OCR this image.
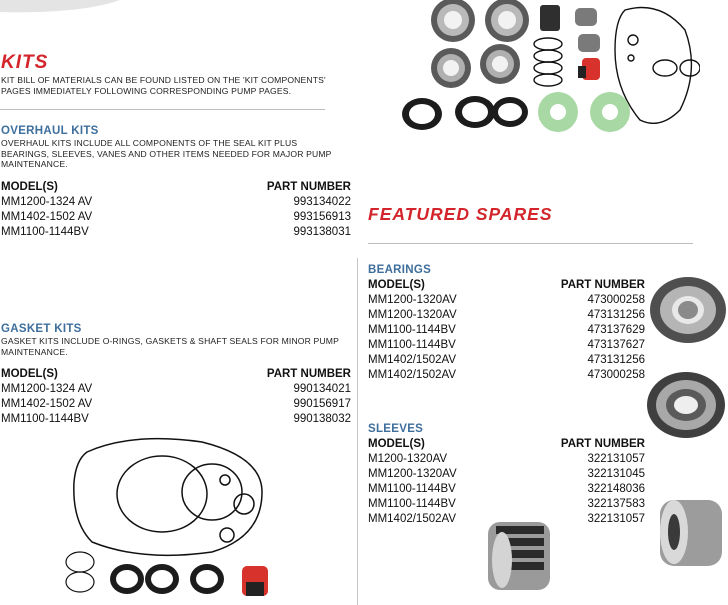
KITS
KIT BILL OF MATERIALS CAN BE FOUND LISTED ON THE 'KIT COMPONENTS' PAGES IMMEDIATELY FOLLOWING CORRESPONDING PUMP PAGES.
OVERHAUL KITS
OVERHAUL KITS INCLUDE ALL COMPONENTS OF THE SEAL KIT PLUS BEARINGS, SLEEVES, VANES AND OTHER ITEMS NEEDED FOR MAJOR PUMP MAINTENANCE.
MODEL(S)	PART NUMBER
MM1200-1324 AV	993134022
MM1402-1502 AV	993156913
MM1100-1144BV	993138031
GASKET KITS
GASKET KITS INCLUDE O-RINGS, GASKETS & SHAFT SEALS FOR MINOR PUMP MAINTENANCE.
MODEL(S)	PART NUMBER
MM1200-1324 AV	990134021
MM1402-1502 AV	990156917
MM1100-1144BV	990138032
FEATURED SPARES
BEARINGS
MODEL(S)	PART NUMBER
MM1200-1320AV	473000258
MM1200-1320AV	473131256
MM1100-1144BV	473137629
MM1100-1144BV	473137627
MM1402/1502AV	473131256
MM1402/1502AV	473000258
SLEEVES
MODEL(S)	PART NUMBER
M1200-1320AV	322131057
MM1200-1320AV	322131045
MM1100-1144BV	322148036
MM1100-1144BV	322137583
MM1402/1502AV	322131057
